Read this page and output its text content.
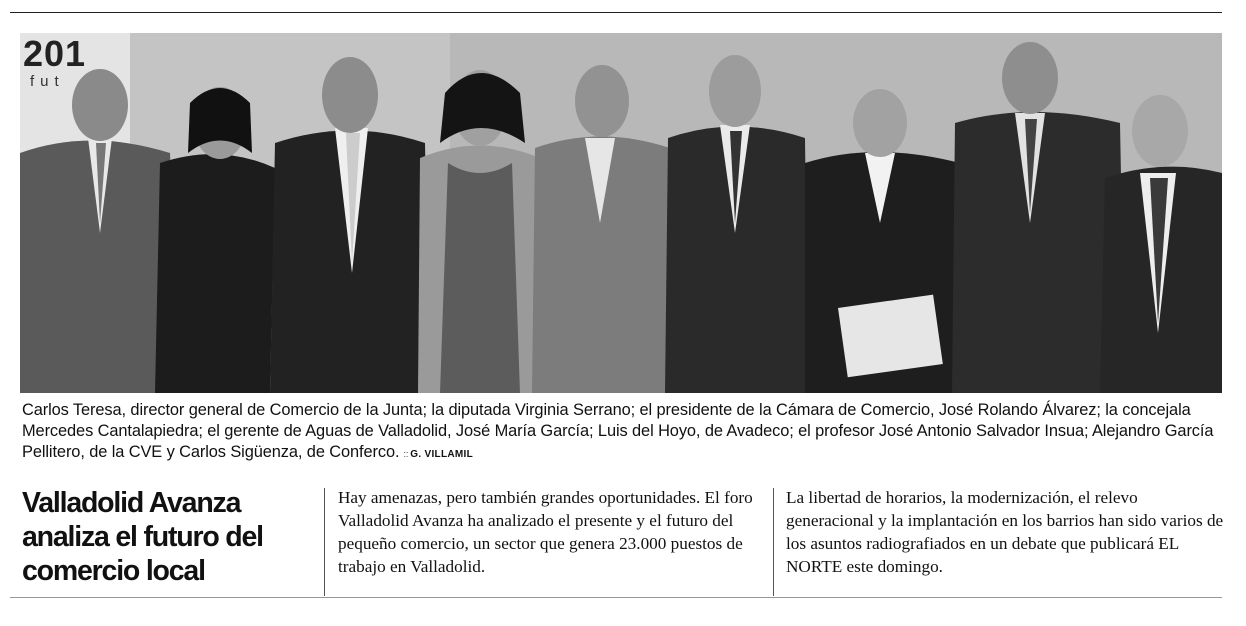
201
fut

Carlos Teresa, director general de Comercio de la Junta; la diputada Virginia Serrano; el presidente de la Cámara de Comercio, José Rolando Álvarez; la concejala Mercedes Cantalapiedra; el gerente de Aguas de Valladolid, José María García; Luis del Hoyo, de Avadeco; el profesor José Antonio Salvador Insua; Alejandro García Pellitero, de la CVE y Carlos Sigüenza, de Conferco. :: G. VILLAMIL

Valladolid Avanza analiza el futuro del comercio local

Hay amenazas, pero también grandes oportunidades. El foro Valladolid Avanza ha analizado el presente y el futuro del pequeño comercio, un sector que genera 23.000 puestos de trabajo en Valladolid.

La libertad de horarios, la modernización, el relevo generacional y la implantación en los barrios han sido varios de los asuntos radiografiados en un debate que publicará EL NORTE este domingo.
